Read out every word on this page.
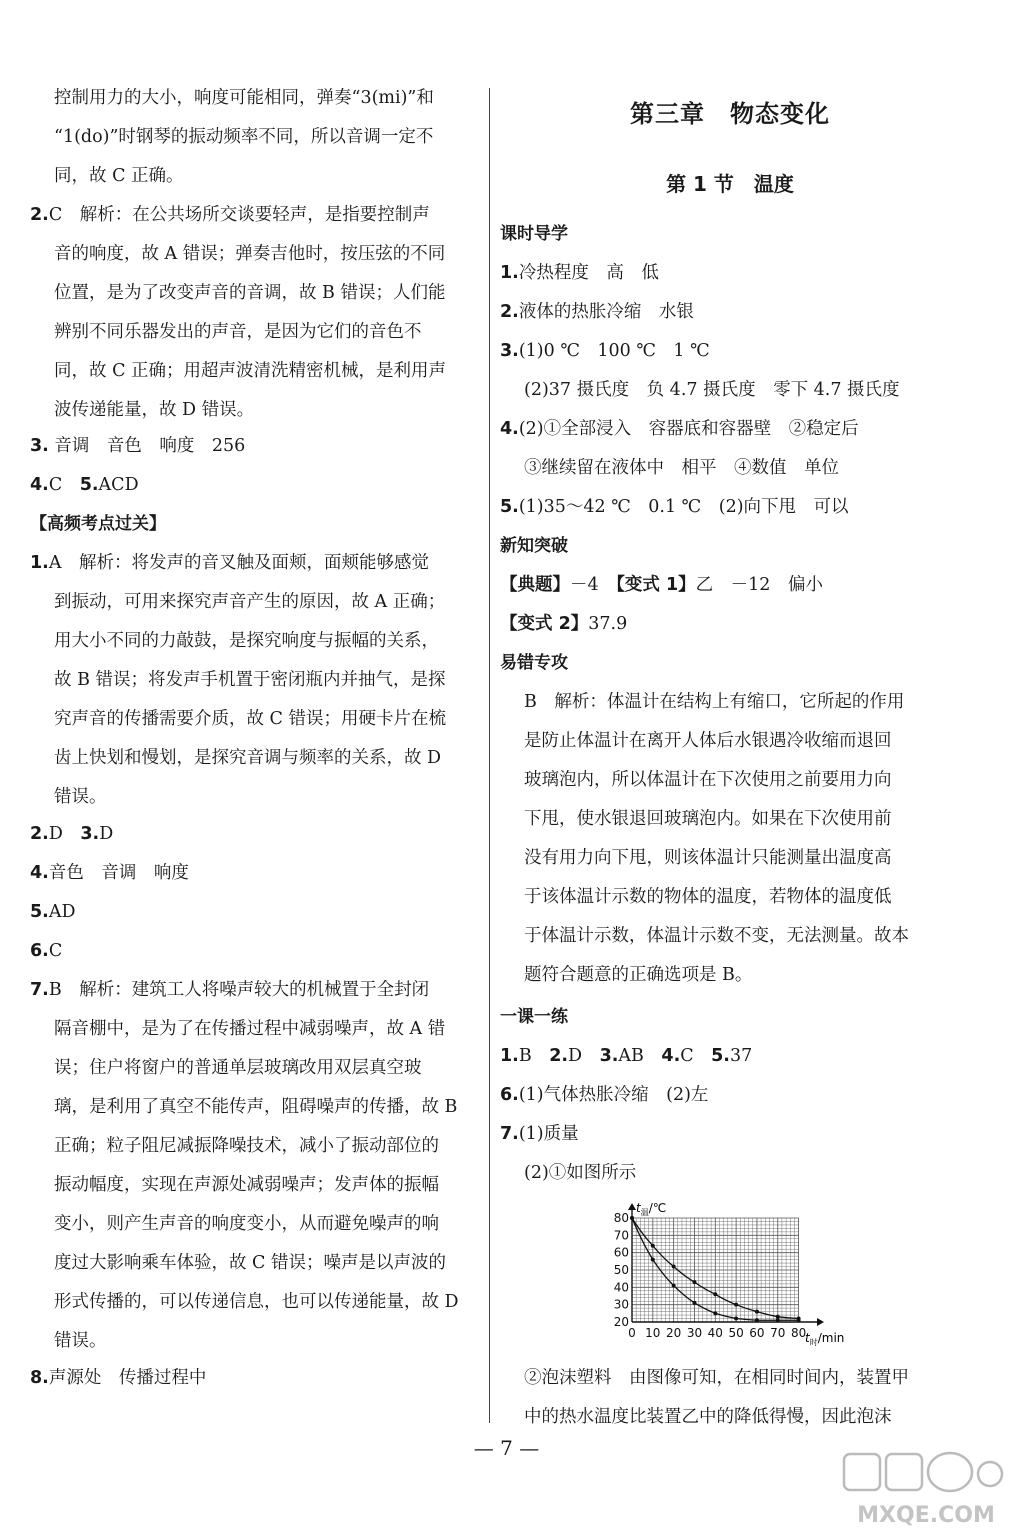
控制用力的大小，响度可能相同，弹奏“3(mi)”和
“1(do)”时钢琴的振动频率不同，所以音调一定不
同，故 C 正确。
2.C　解析：在公共场所交谈要轻声，是指要控制声
音的响度，故 A 错误；弹奏吉他时，按压弦的不同
位置，是为了改变声音的音调，故 B 错误；人们能
辨别不同乐器发出的声音，是因为它们的音色不
同，故 C 正确；用超声波清洗精密机械，是利用声
波传递能量，故 D 错误。
3. 音调　音色　响度　256
4.C　 5.ACD
【高频考点过关】
1.A　解析：将发声的音叉触及面颊，面颊能够感觉
到振动，可用来探究声音产生的原因，故 A 正确；
用大小不同的力敲鼓，是探究响度与振幅的关系，
故 B 错误；将发声手机置于密闭瓶内并抽气，是探
究声音的传播需要介质，故 C 错误；用硬卡片在梳
齿上快划和慢划，是探究音调与频率的关系，故 D
错误。
2.D　 3.D
4.音色　音调　响度
5.AD
6.C
7.B　解析：建筑工人将噪声较大的机械置于全封闭
隔音棚中，是为了在传播过程中减弱噪声，故 A 错
误；住户将窗户的普通单层玻璃改用双层真空玻
璃，是利用了真空不能传声，阻碍噪声的传播，故 B
正确；粒子阻尼减振降噪技术，减小了振动部位的
振动幅度，实现在声源处减弱噪声；发声体的振幅
变小，则产生声音的响度变小，从而避免噪声的响
度过大影响乘车体验，故 C 错误；噪声是以声波的
形式传播的，可以传递信息，也可以传递能量，故 D
错误。
8.声源处　传播过程中
第三章　物态变化
第 1 节　温度
课时导学
1.冷热程度　高　低
2.液体的热胀冷缩　水银
3.(1)0 ℃　100 ℃　1 ℃
(2)37 摄氏度　负 4.7 摄氏度　零下 4.7 摄氏度
4.(2)①全部浸入　容器底和容器壁　②稳定后
③继续留在液体中　相平　④数值　单位
5.(1)35～42 ℃　0.1 ℃　(2)向下甩　可以
新知突破
【典题】－4　 【变式 1】乙　－12　偏小
【变式 2】37.9
易错专攻
B　解析：体温计在结构上有缩口，它所起的作用
是防止体温计在离开人体后水银遇冷收缩而退回
玻璃泡内，所以体温计在下次使用之前要用力向
下甩，使水银退回玻璃泡内。如果在下次使用前
没有用力向下甩，则该体温计只能测量出温度高
于该体温计示数的物体的温度，若物体的温度低
于体温计示数，体温计示数不变，无法测量。故本
题符合题意的正确选项是 B。
一课一练
1.B　 2.D　 3.AB　 4.C　 5.37
6.(1)气体热胀冷缩　(2)左
7.(1)质量
(2)①如图所示
0 10 20 30 40 50 60 70 80
20
30
40
50
60
70
80
$t_温/℃$
$t_时/\min$
②泡沫塑料　由图像可知，在相同时间内，装置甲
中的热水温度比装置乙中的降低得慢，因此泡沫
— 7 —
MXQE.COM
